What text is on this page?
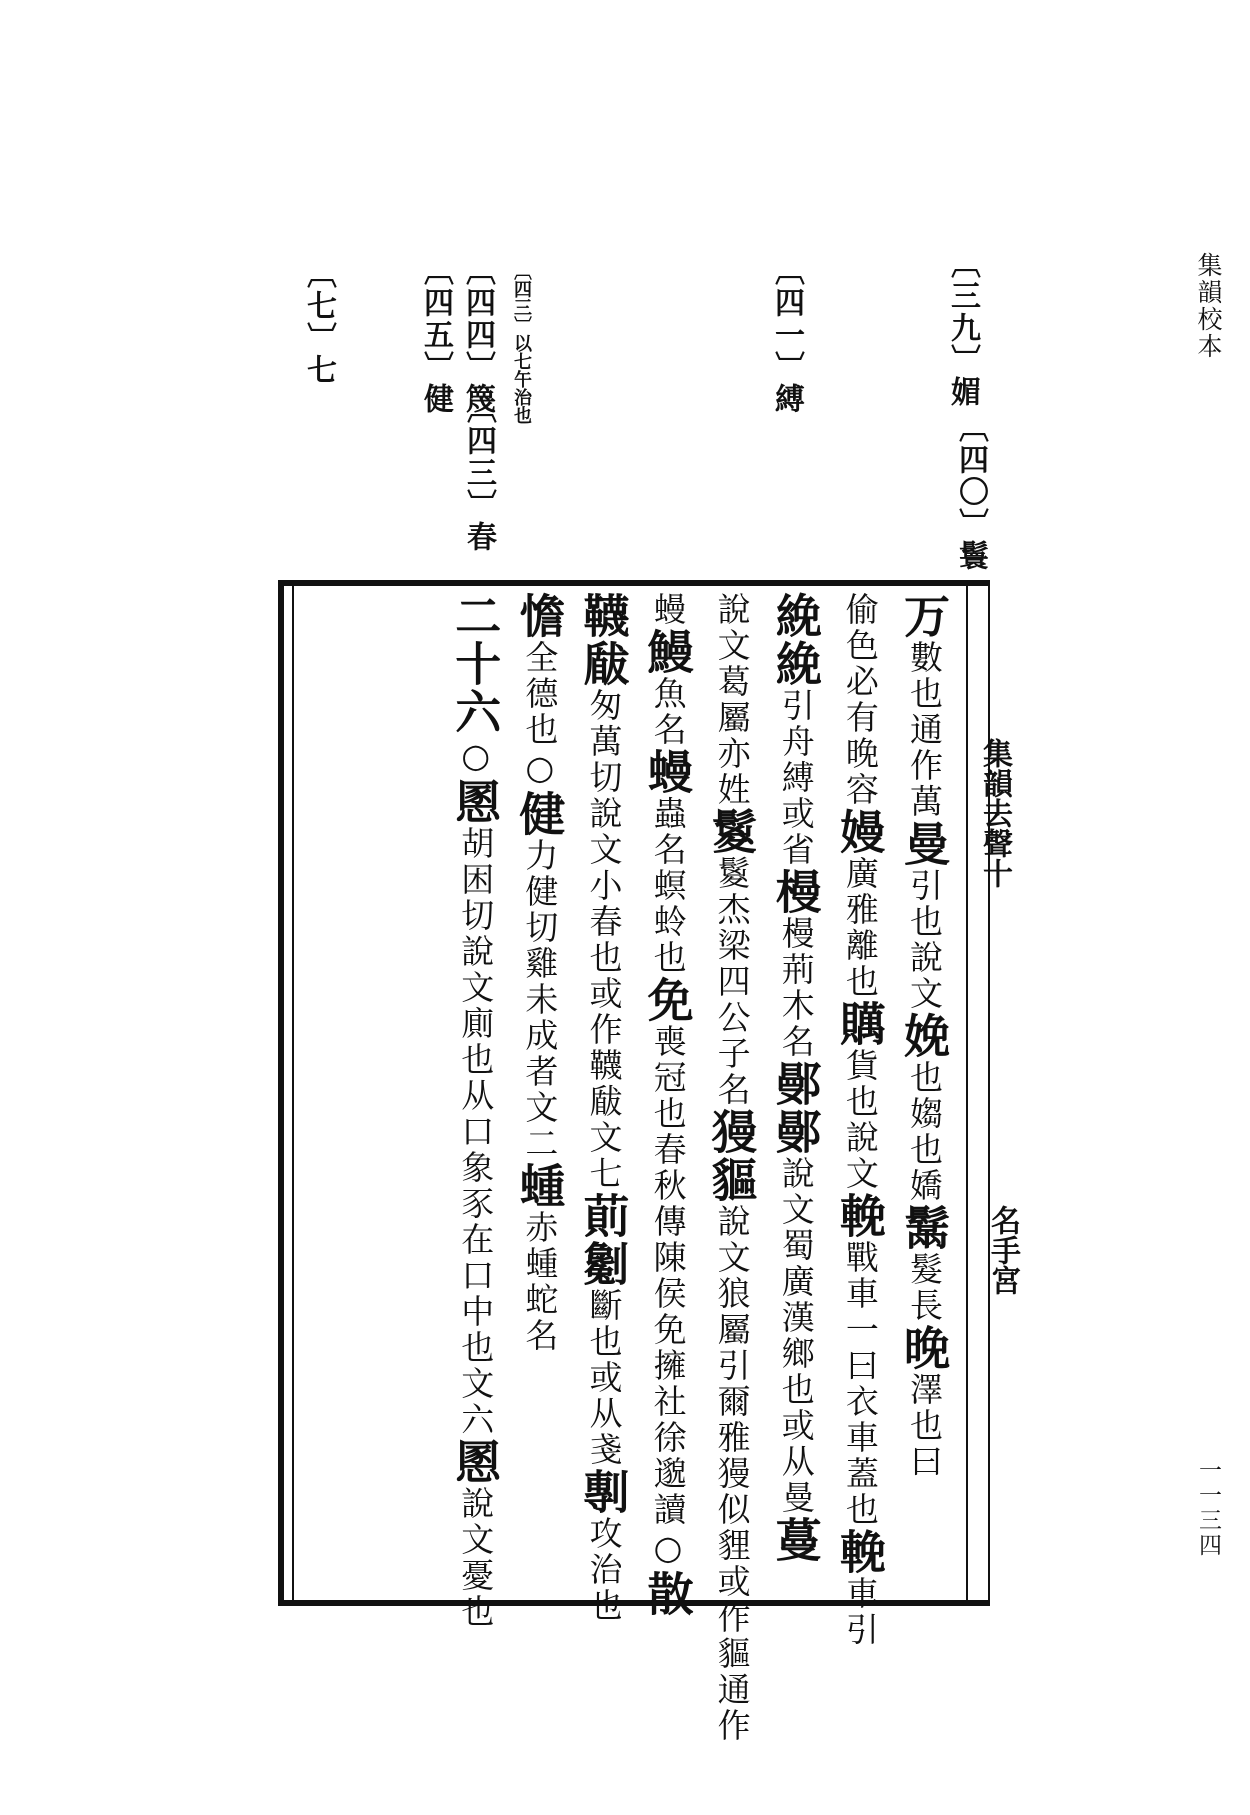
集韻校本
一一三四
〔三九〕媚
〔四〇〕鬟
〔四一〕縛
〔四三〕以七午治也
〔四三〕春
〔四四〕篾
〔四五〕健
〔七〕七
万數也通作萬曼引也說文娩也媰也嬌鬗髮長晚澤也曰
偷色必有晚容嫚廣雅離也贎貨也說文輓戰車一曰衣車蓋也輓車引
絻絻引舟縛或省槾槾荊木名鄤鄤說文蜀廣漢鄉也或从曼蔓
說文葛屬亦姓鬉鬉杰梁四公子名獌貙說文狼屬引爾雅獌似貍或作貙通作
蟃鰻魚名蟃蟲名螟蛉也免喪冠也春秋傳陳侯免擁社徐邈讀○散
韈瞂匆萬切說文小春也或作韈瞂文七萴劖斷也或从戔剸攻治也
憺全德也○健力健切雞未成者文二蝩赤蝩蛇名
二十六○慁胡困切說文廁也从口象豕在口中也文六慁說文憂也
集韻去聲十
名手宮
